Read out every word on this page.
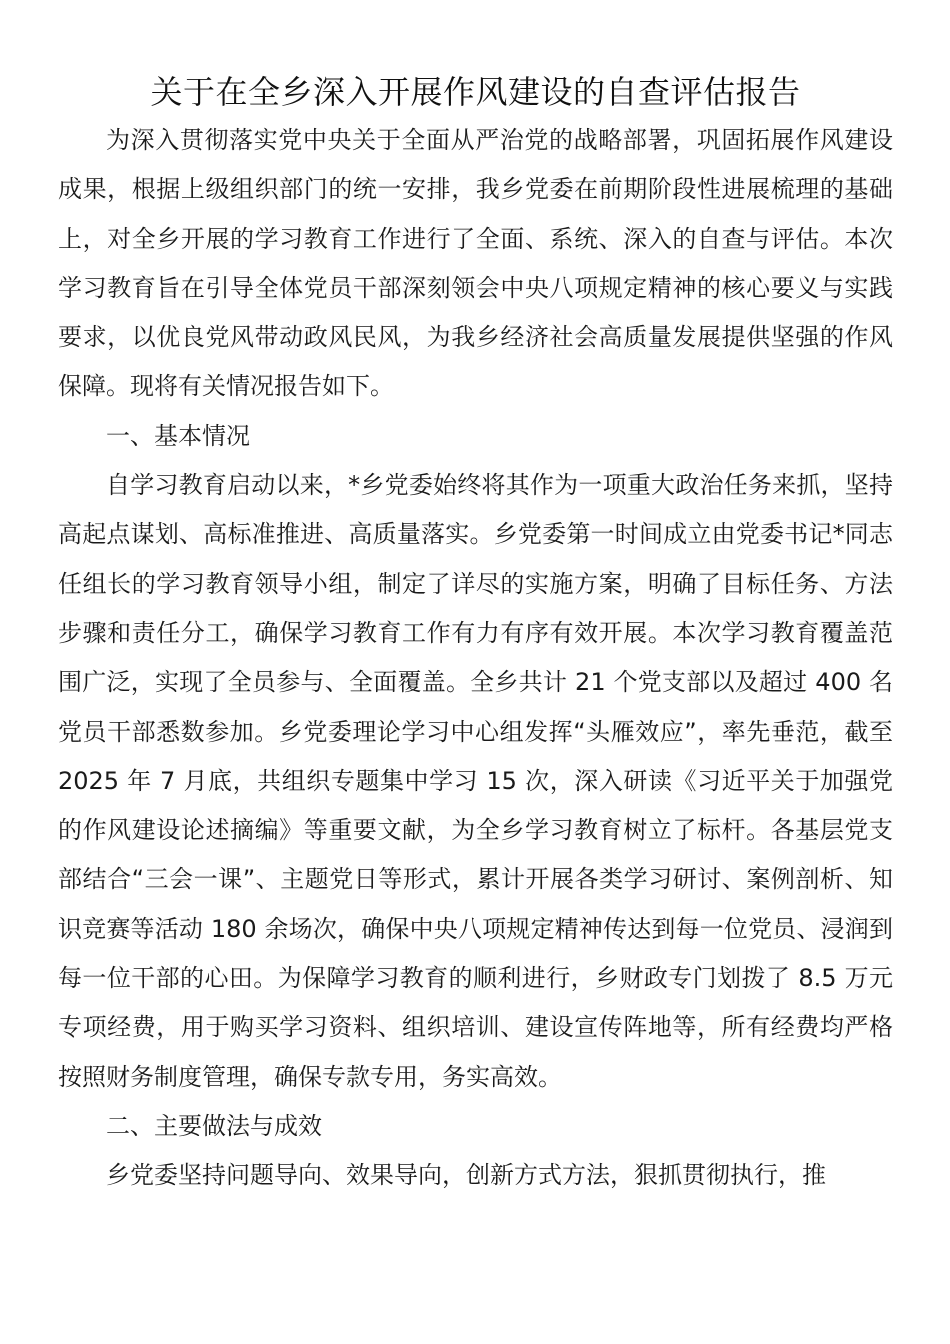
关于在全乡深入开展作风建设的自查评估报告

为深入贯彻落实党中央关于全面从严治党的战略部署，巩固拓展作风建设成果，根据上级组织部门的统一安排，我乡党委在前期阶段性进展梳理的基础上，对全乡开展的学习教育工作进行了全面、系统、深入的自查与评估。本次学习教育旨在引导全体党员干部深刻领会中央八项规定精神的核心要义与实践要求，以优良党风带动政风民风，为我乡经济社会高质量发展提供坚强的作风保障。现将有关情况报告如下。

一、基本情况

自学习教育启动以来，*乡党委始终将其作为一项重大政治任务来抓，坚持高起点谋划、高标准推进、高质量落实。乡党委第一时间成立由党委书记*同志任组长的学习教育领导小组，制定了详尽的实施方案，明确了目标任务、方法步骤和责任分工，确保学习教育工作有力有序有效开展。本次学习教育覆盖范围广泛，实现了全员参与、全面覆盖。全乡共计 21 个党支部以及超过 400 名党员干部悉数参加。乡党委理论学习中心组发挥“头雁效应”，率先垂范，截至 2025 年 7 月底，共组织专题集中学习 15 次，深入研读《习近平关于加强党的作风建设论述摘编》等重要文献，为全乡学习教育树立了标杆。各基层党支部结合“三会一课”、主题党日等形式，累计开展各类学习研讨、案例剖析、知识竞赛等活动 180 余场次，确保中央八项规定精神传达到每一位党员、浸润到每一位干部的心田。为保障学习教育的顺利进行，乡财政专门划拨了 8.5 万元专项经费，用于购买学习资料、组织培训、建设宣传阵地等，所有经费均严格按照财务制度管理，确保专款专用，务实高效。

二、主要做法与成效

乡党委坚持问题导向、效果导向，创新方式方法，狠抓贯彻执行，推
